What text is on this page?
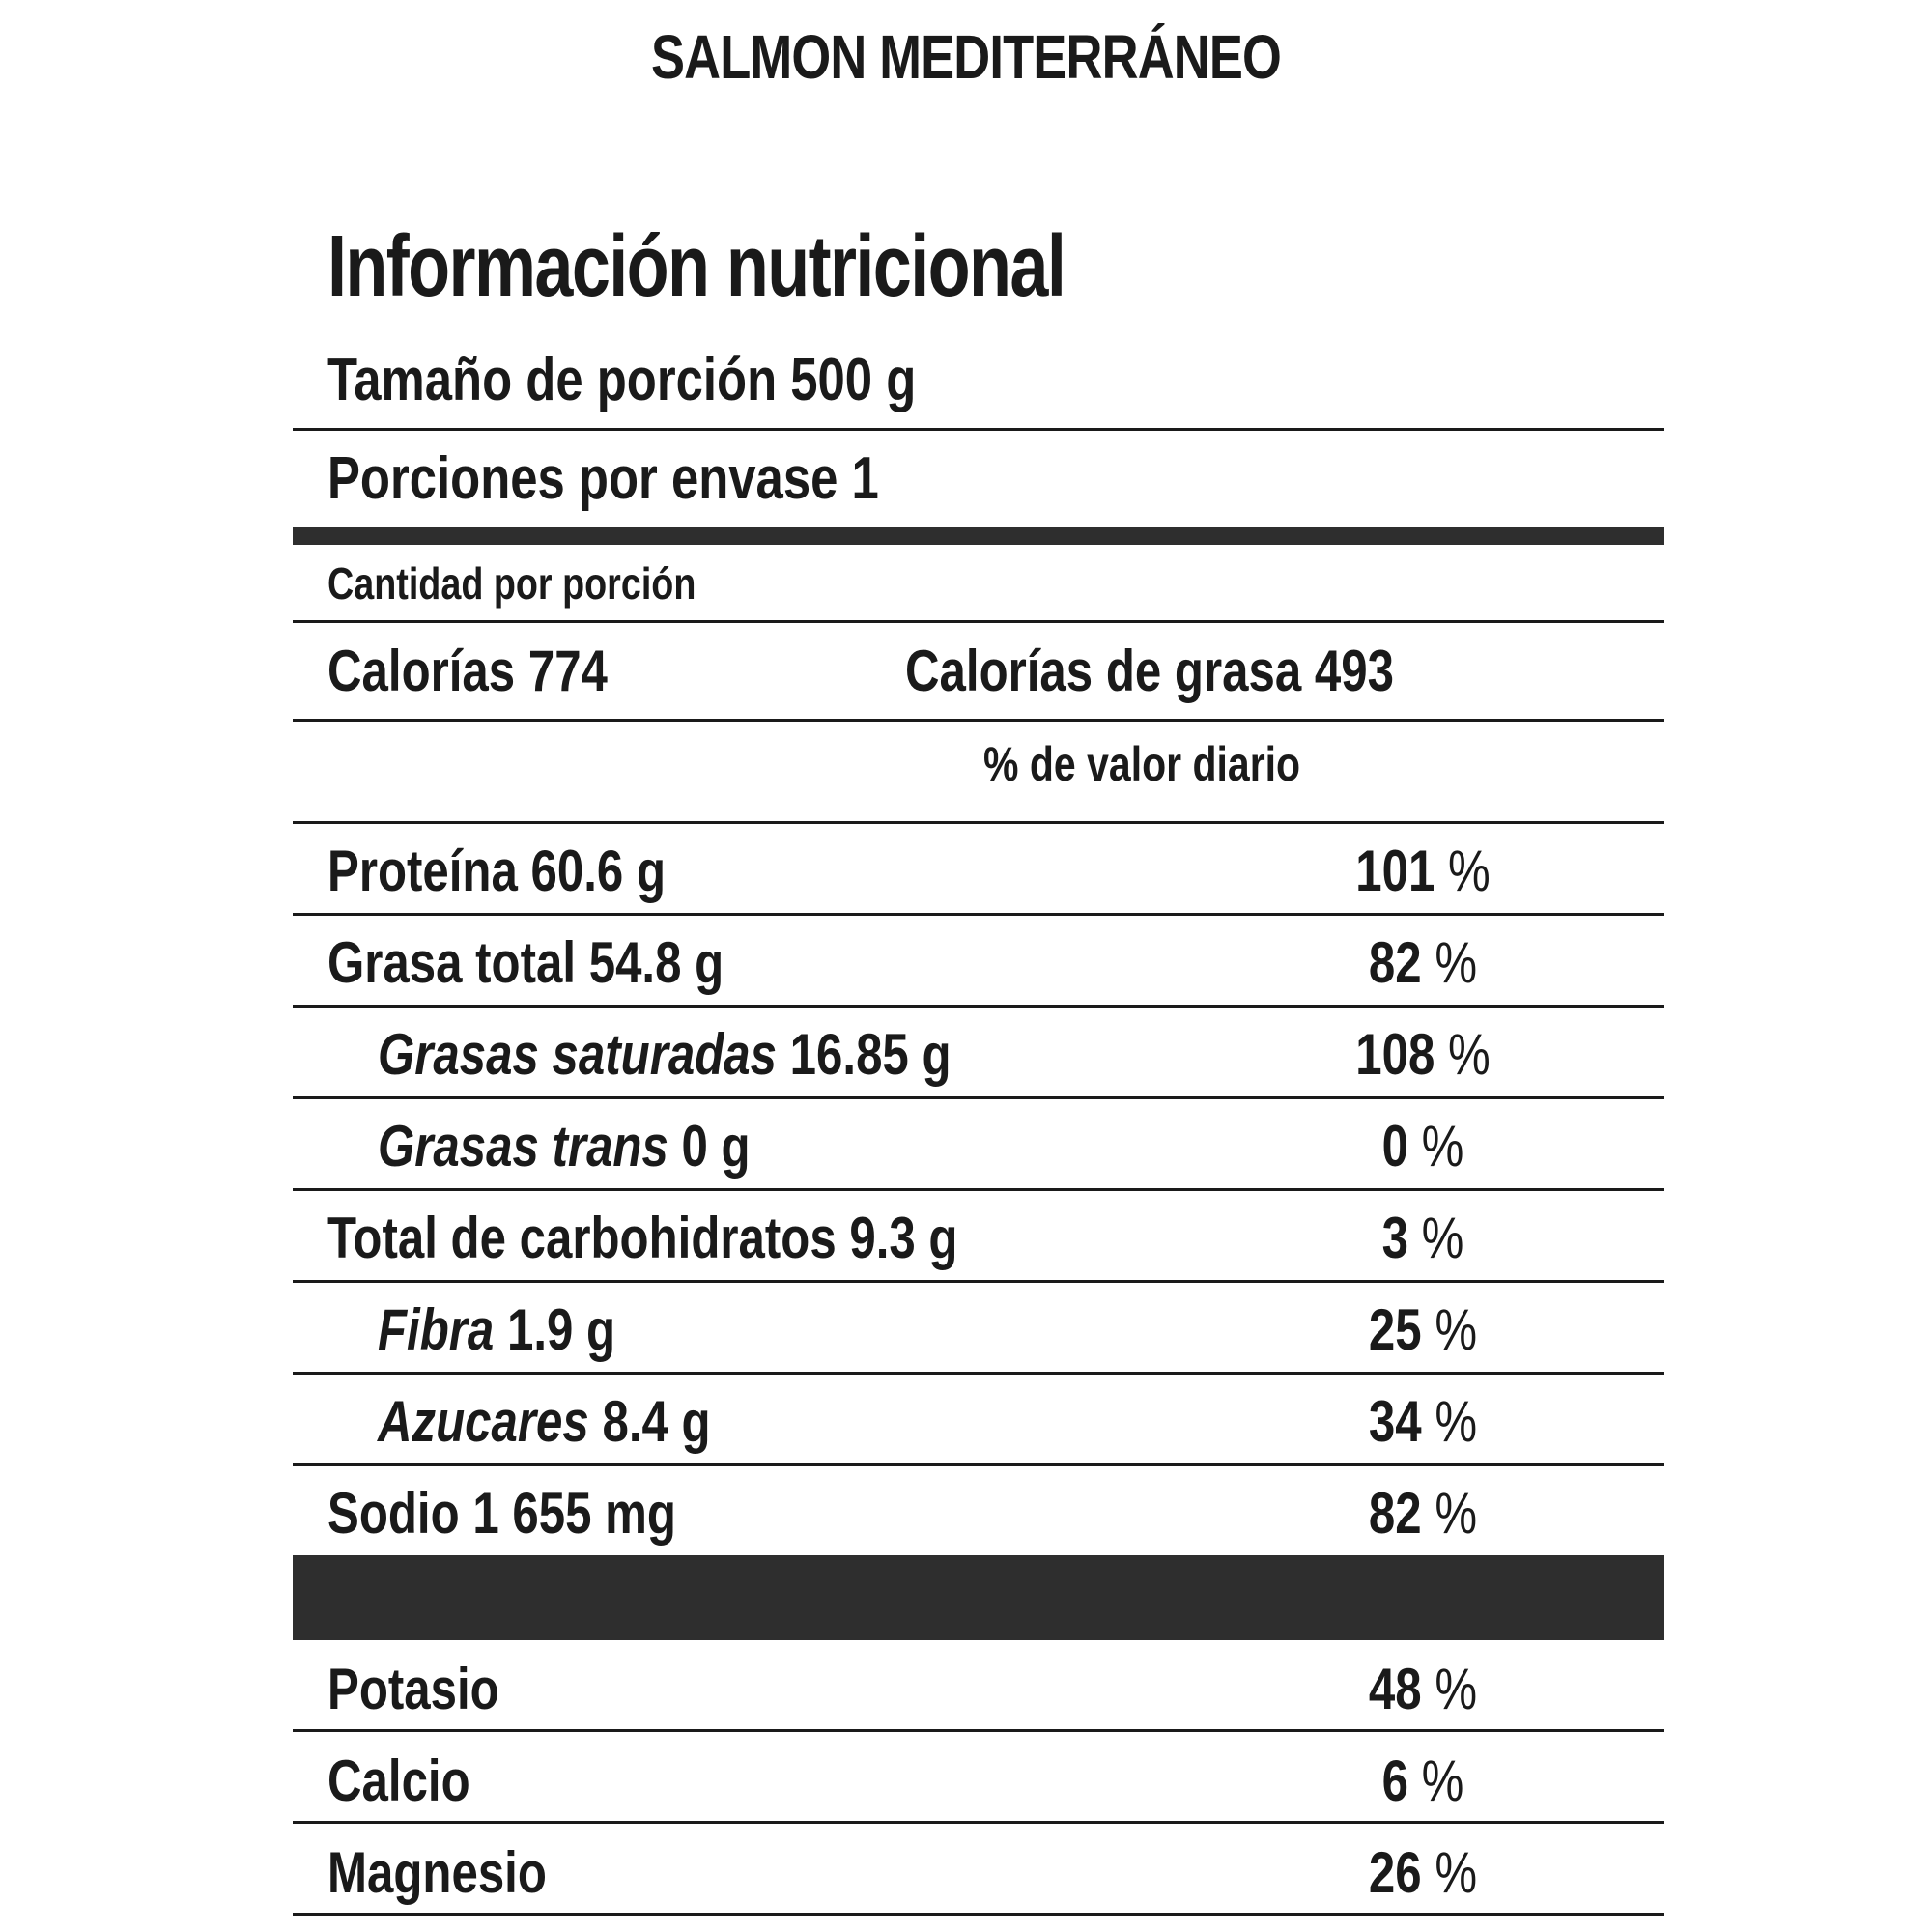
SALMON MEDITERRÁNEO
Información nutricional
Tamaño de porción 500 g
Porciones por envase 1
Cantidad por porción
Calorías 774	Calorías de grasa 493
% de valor diario
Proteína 60.6 g	101 %
Grasa total 54.8 g	82 %
Grasas saturadas 16.85 g	108 %
Grasas trans 0 g	0 %
Total de carbohidratos 9.3 g	3 %
Fibra 1.9 g	25 %
Azucares 8.4 g	34 %
Sodio 1 655 mg	82 %
Potasio	48 %
Calcio	6 %
Magnesio	26 %
